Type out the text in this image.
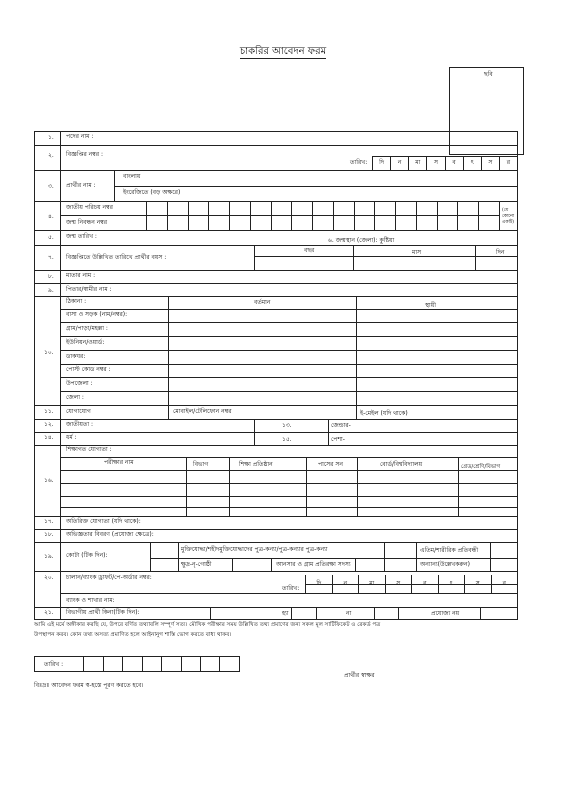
চাকরির আবেদন ফরম
ছবি
১. পদের নাম :
২. বিজ্ঞপ্তির নম্বর :
তারিখ:	দি	ন	মা	স	ব	ৎ	স	র
৩. প্রার্থীর নাম :
বাংলায়
ইংরেজিতে (বড় অক্ষরে)
৪.
জাতীয় পরিচয় নম্বর
জন্ম নিবন্ধন নম্বর
(যে কোনো একটি)
৫. জন্ম তারিখ :
৬. জন্মস্থান (জেলা): কুষ্টিয়া
৭. বিজ্ঞপ্তিতে উল্লিখিত তারিখে প্রার্থীর বয়স :
বছর	মাস	দিন
৮. মাতার নাম :
৯. পিতার/স্বামীর নাম :
১০.
ঠিকানা :	বর্তমান	স্থায়ী
বাসা ও সড়ক (নাম/নম্বর):
গ্রাম/পাড়া/মহল্লা :
ইউনিয়ন/ওয়ার্ড:
ডাকঘর:
পোস্ট কোড নম্বর :
উপজেলা :
জেলা :
১১. যোগাযোগ	মোবাইল/টেলিফোন নম্বর	ই-মেইল (যদি থাকে)
১২. জাতীয়তা :	১৩.	জেন্ডার-
১৪. ধর্ম :	১৫.	পেশা-
১৬.
শিক্ষাগত যোগ্যতা :
পরীক্ষার নাম	বিভাগ	শিক্ষা প্রতিষ্ঠান	পাসের সন	বোর্ড/বিশ্ববিদ্যালয়	গ্রেড/শ্রেণি/বিভাগ
১৭. অতিরিক্ত যোগ্যতা (যদি থাকে):
১৮. অভিজ্ঞতার বিবরণ (প্রযোজ্য ক্ষেত্রে):
১৯. কোটা (টিক দিন):
মুক্তিযোদ্ধা/শহীদমুক্তিযোদ্ধাদের পুত্র-কন্যা/পুত্র-কন্যার পুত্র-কন্যা	এতিম/শারীরিক প্রতিবন্ধী
ক্ষুদ্র-নৃ-গোষ্ঠী	আনসার ও গ্রাম প্রতিরক্ষা সদস্য	অন্যান্য(উল্লেখকরুন)
২০. চালান/ব্যাংক ড্রাফট/পে-অর্ডার নম্বর:
তারিখ:
দি	ন	মা	স	ব	ৎ	স	র
ব্যাংক ও শাখার নাম:
২১. বিভাগীয় প্রার্থী কিনা(টিক দিন):	হ্যা	না	প্রযোজ্য নয়
আমি এই মর্মে অঙ্গীকার করছি যে, উপরে বর্ণিত তথ্যাবলি সম্পূর্ণ সত্য। মৌখিক পরীক্ষার সময় উল্লিখিত তথ্য প্রমাণের জন্য সকল মূল সার্টিফিকেট ও রেকর্ড পত্র
উপস্থাপন করব। কোন তথ্য অসত্য প্রমাণিত হলে আইনানুগ শাস্তি ভোগ করতে বাধ্য থাকব।
তারিখ :
প্রার্থীর স্বাক্ষর
বিঃদ্রঃ আবেদন ফরম স্ব-হস্তে পূরণ করতে হবে।
